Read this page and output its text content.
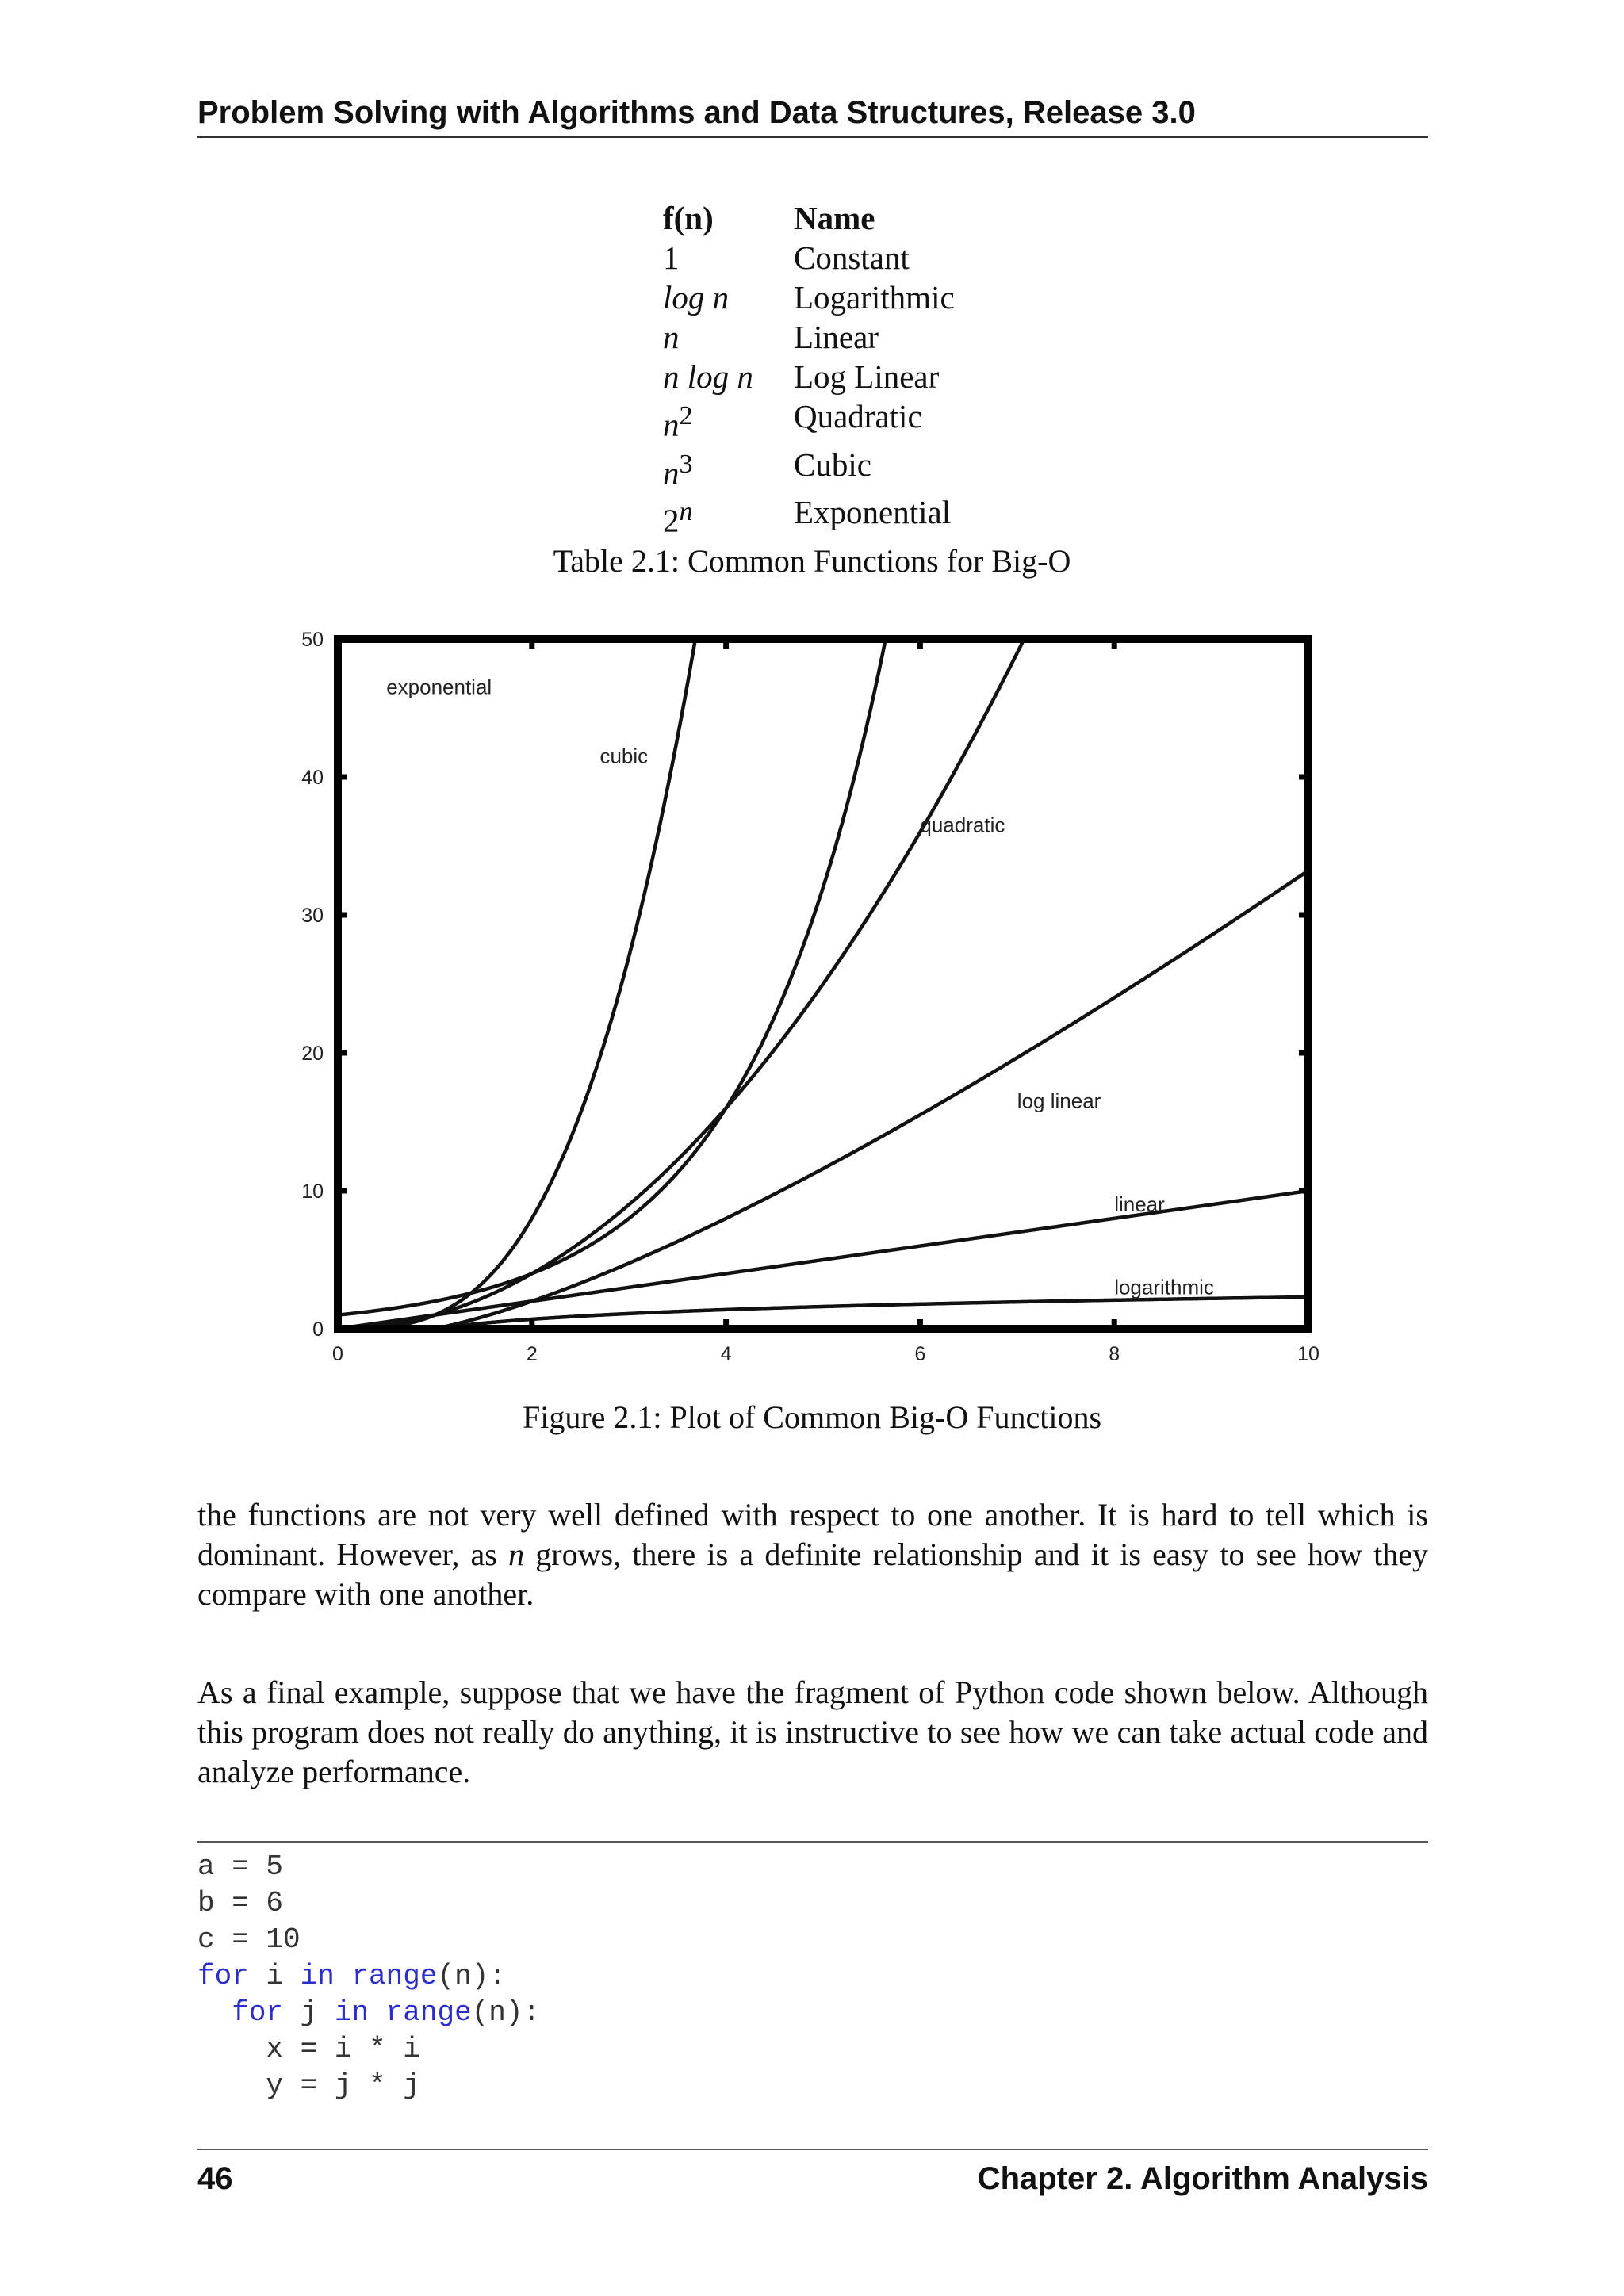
Problem Solving with Algorithms and Data Structures, Release 3.0
f(n)	Name
1	Constant
log n	Logarithmic
n	Linear
n log n	Log Linear
$n^2$	Quadratic
$n^3$	Cubic
2$^n$	Exponential
Table 2.1: Common Functions for Big-O
exponential
cubic
quadratic
log linear
linear
logarithmic
0	2	4	6	8	10
0
10
20
30
40
50
Figure 2.1: Plot of Common Big-O Functions
the functions are not very well defined with respect to one another. It is hard to tell which is dominant. However, as n grows, there is a definite relationship and it is easy to see how they compare with one another.
As a final example, suppose that we have the fragment of Python code shown below. Although this program does not really do anything, it is instructive to see how we can take actual code and analyze performance.
a = 5
b = 6
c = 10
for i in range(n):
for j in range(n):
x = i * i
y = j * j
46	Chapter 2. Algorithm Analysis
